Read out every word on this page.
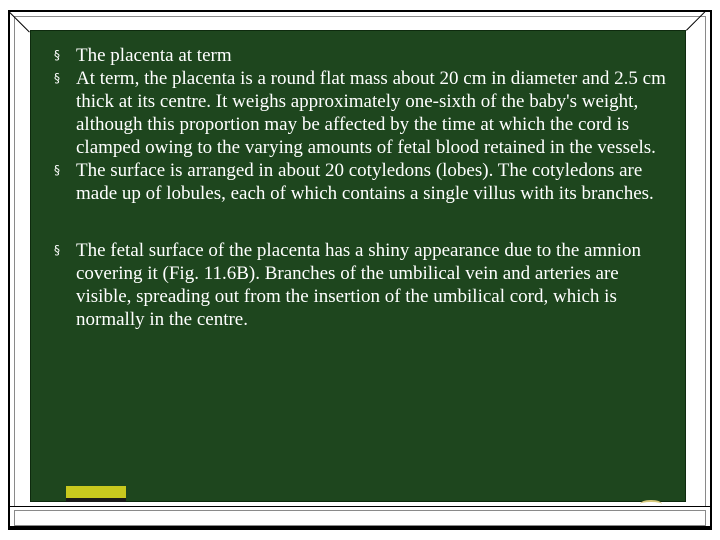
§ The placenta at term
§ At term, the placenta is a round flat mass about 20 cm in diameter and 2.5 cm thick at its centre. It weighs approximately one-sixth of the baby's weight, although this proportion may be affected by the time at which the cord is clamped owing to the varying amounts of fetal blood retained in the vessels.
§ The surface is arranged in about 20 cotyledons (lobes). The cotyledons are made up of lobules, each of which contains a single villus with its branches.
§ The fetal surface of the placenta has a shiny appearance due to the amnion covering it (Fig. 11.6B). Branches of the umbilical vein and arteries are visible, spreading out from the insertion of the umbilical cord, which is normally in the centre.
